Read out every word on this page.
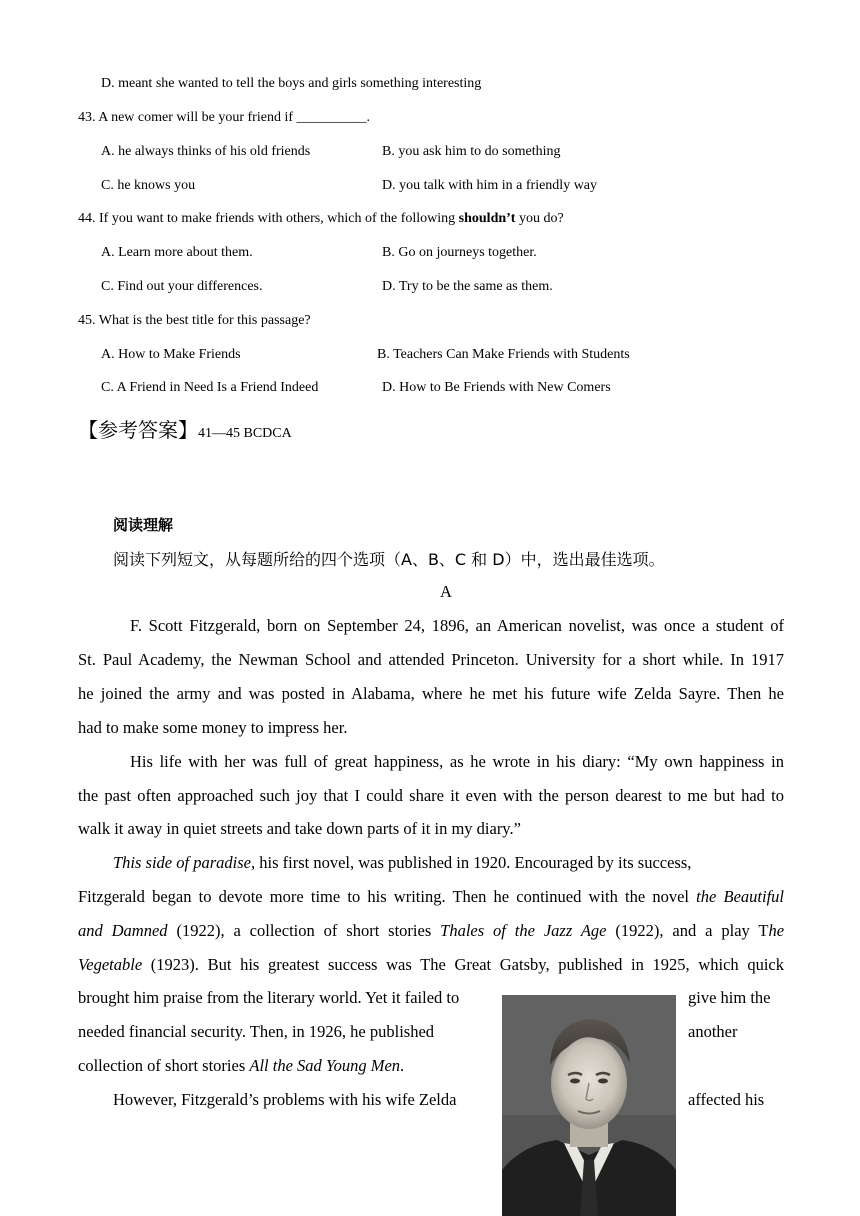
D. meant she wanted to tell the boys and girls something interesting
43. A new comer will be your friend if __________.
A. he always thinks of his old friends	B. you ask him to do something
C. he knows you	D. you talk with him in a friendly way
44. If you want to make friends with others, which of the following shouldn’t you do?
A. Learn more about them.	B. Go on journeys together.
C. Find out your differences.	D. Try to be the same as them.
45. What is the best title for this passage?
A. How to Make Friends	B. Teachers Can Make Friends with Students
C. A Friend in Need Is a Friend Indeed	D. How to Be Friends with New Comers
【参考答案】41—45 BCDCA
阅读理解
阅读下列短文，从每题所给的四个选项（A、B、C 和 D）中，选出最佳选项。
A
F. Scott Fitzgerald, born on September 24, 1896, an American novelist, was once a student of
St. Paul Academy, the Newman School and attended Princeton. University for a short while. In 1917
he joined the army and was posted in Alabama, where he met his future wife Zelda Sayre. Then he
had to make some money to impress her.
His life with her was full of great happiness, as he wrote in his diary: “My own happiness in
the past often approached such joy that I could share it even with the person dearest to me but had to
walk it away in quiet streets and take down parts of it in my diary.”
This side of paradise, his first novel, was published in 1920. Encouraged by its success,
Fitzgerald began to devote more time to his writing. Then he continued with the novel the Beautiful
and Damned (1922), a collection of short stories Thales of the Jazz Age (1922), and a play The
Vegetable (1923). But his greatest success was The Great Gatsby, published in 1925, which quick
brought him praise from the literary world. Yet it failed to	give him the
needed financial security. Then, in 1926, he published	another
collection of short stories All the Sad Young Men.
However, Fitzgerald’s problems with his wife Zelda	affected his
